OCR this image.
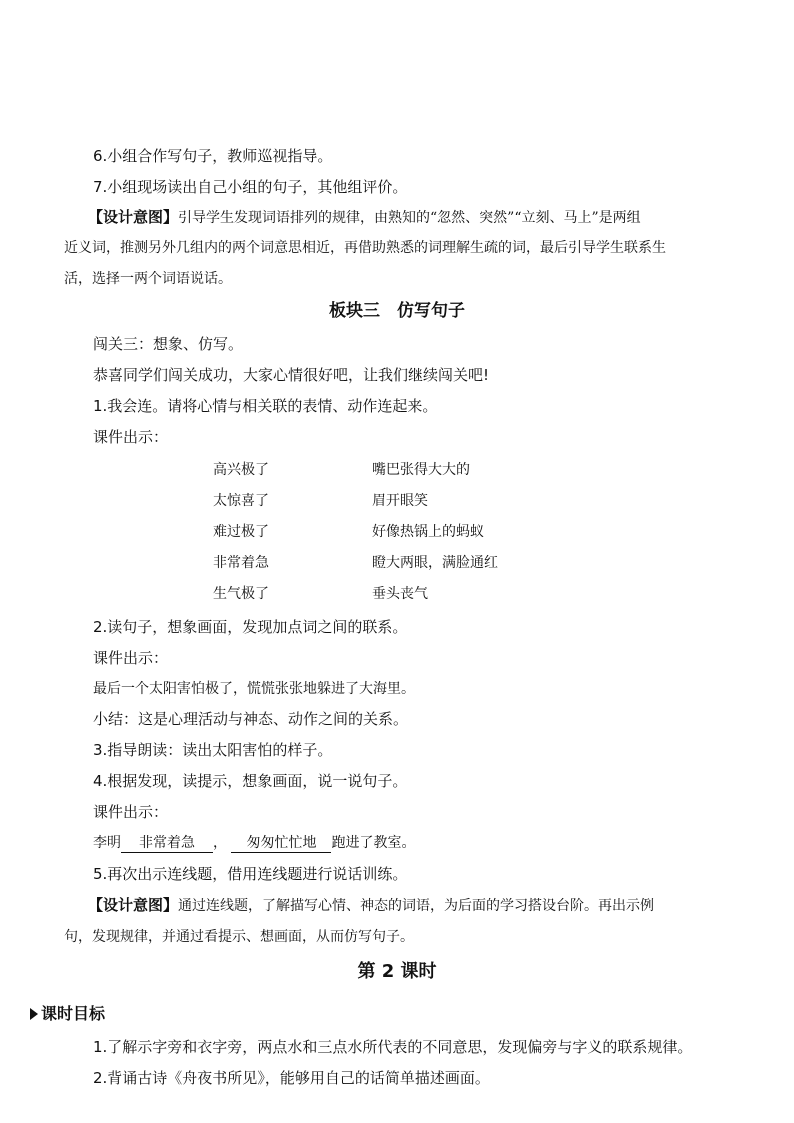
6.小组合作写句子，教师巡视指导。
7.小组现场读出自己小组的句子，其他组评价。
【设计意图】引导学生发现词语排列的规律，由熟知的“忽然、突然”“立刻、马上”是两组
近义词，推测另外几组内的两个词意思相近，再借助熟悉的词理解生疏的词，最后引导学生联系生
活，选择一两个词语说话。
板块三　仿写句子
闯关三：想象、仿写。
恭喜同学们闯关成功，大家心情很好吧，让我们继续闯关吧!
1.我会连。请将心情与相关联的表情、动作连起来。
课件出示：
高兴极了
太惊喜了
难过极了
非常着急
生气极了
嘴巴张得大大的
眉开眼笑
好像热锅上的蚂蚁
瞪大两眼，满脸通红
垂头丧气
2.读句子，想象画面，发现加点词之间的联系。
课件出示：
最后一个太阳害怕极了，慌慌张张地躲进了大海里。
小结：这是心理活动与神态、动作之间的关系。
3.指导朗读：读出太阳害怕的样子。
4.根据发现，读提示，想象画面，说一说句子。
课件出示：
李明 非常着急 ， 匆匆忙忙地 跑进了教室。
5.再次出示连线题，借用连线题进行说话训练。
【设计意图】通过连线题，了解描写心情、神态的词语，为后面的学习搭设台阶。再出示例
句，发现规律，并通过看提示、想画面，从而仿写句子。
第 2 课时
课时目标
1.了解示字旁和衣字旁，两点水和三点水所代表的不同意思，发现偏旁与字义的联系规律。
2.背诵古诗《舟夜书所见》，能够用自己的话简单描述画面。
